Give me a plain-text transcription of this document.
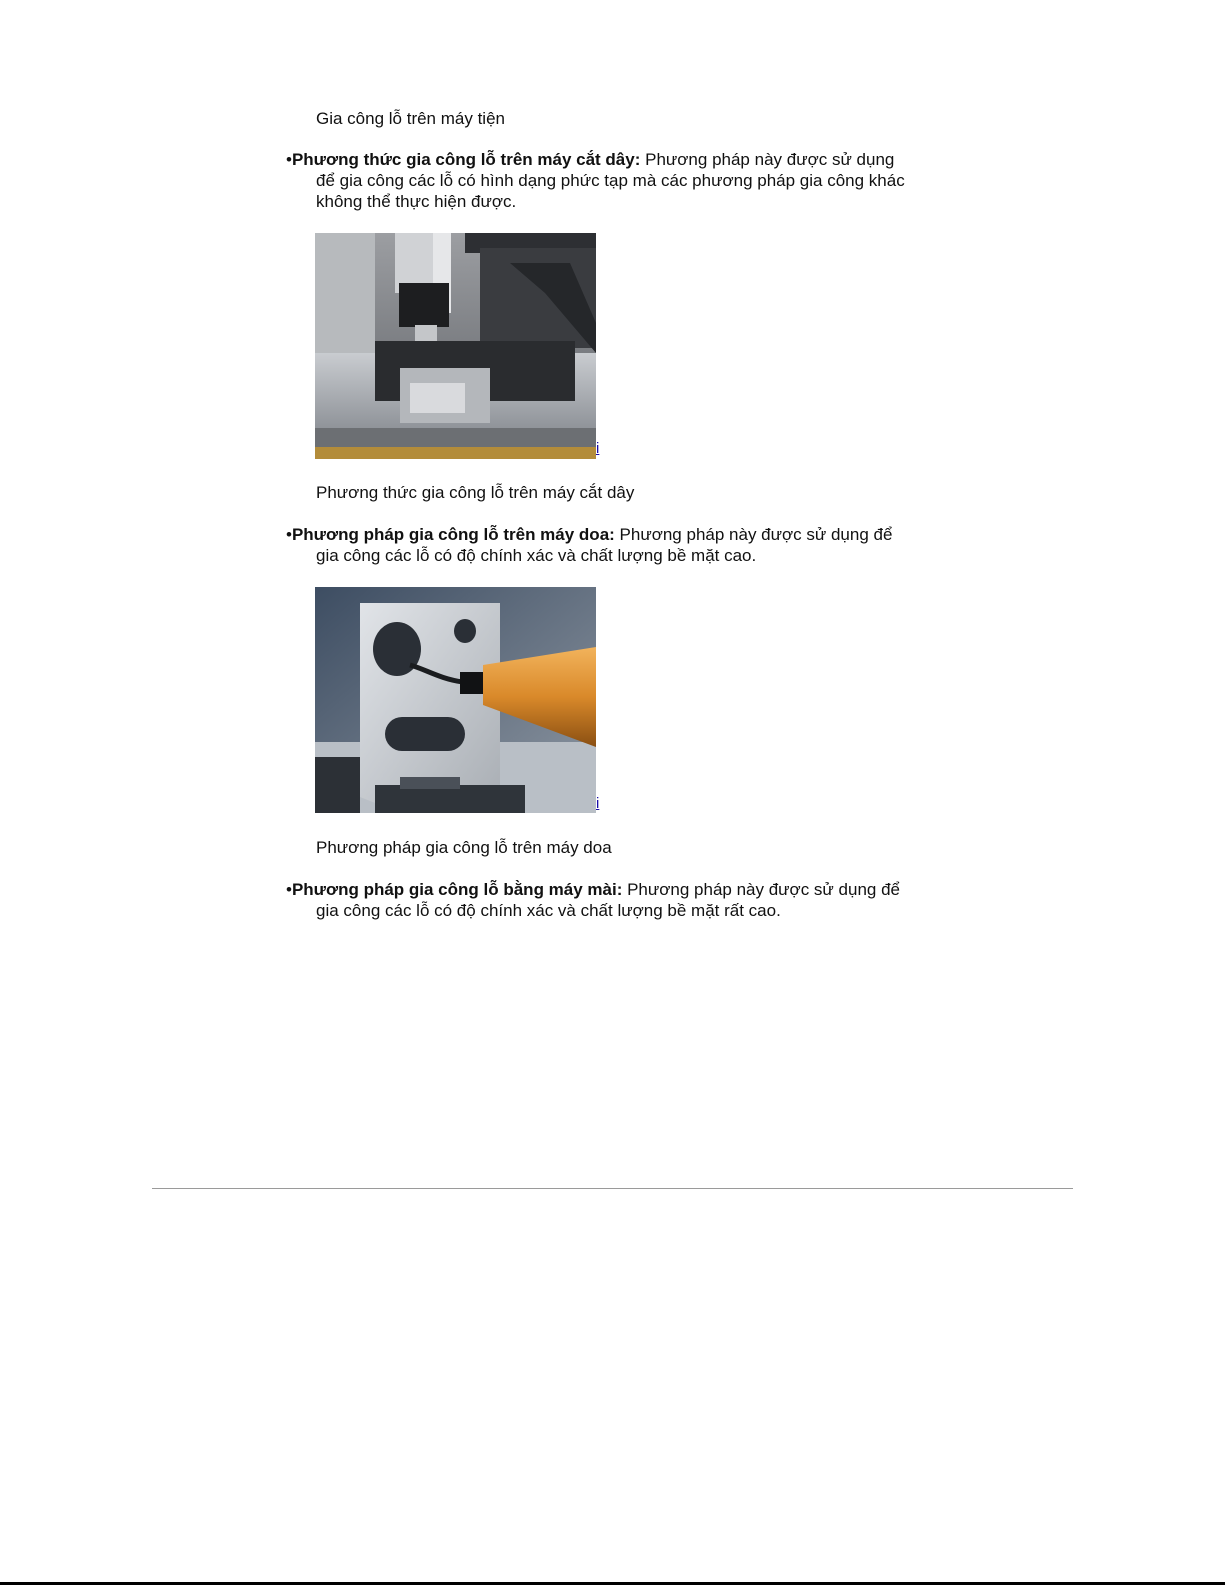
Gia công lỗ trên máy tiện
•Phương thức gia công lỗ trên máy cắt dây: Phương pháp này được sử dụng
để gia công các lỗ có hình dạng phức tạp mà các phương pháp gia công khác
không thể thực hiện được.
i
Phương thức gia công lỗ trên máy cắt dây
•Phương pháp gia công lỗ trên máy doa: Phương pháp này được sử dụng để
gia công các lỗ có độ chính xác và chất lượng bề mặt cao.
i
Phương pháp gia công lỗ trên máy doa
•Phương pháp gia công lỗ bằng máy mài: Phương pháp này được sử dụng để
gia công các lỗ có độ chính xác và chất lượng bề mặt rất cao.
